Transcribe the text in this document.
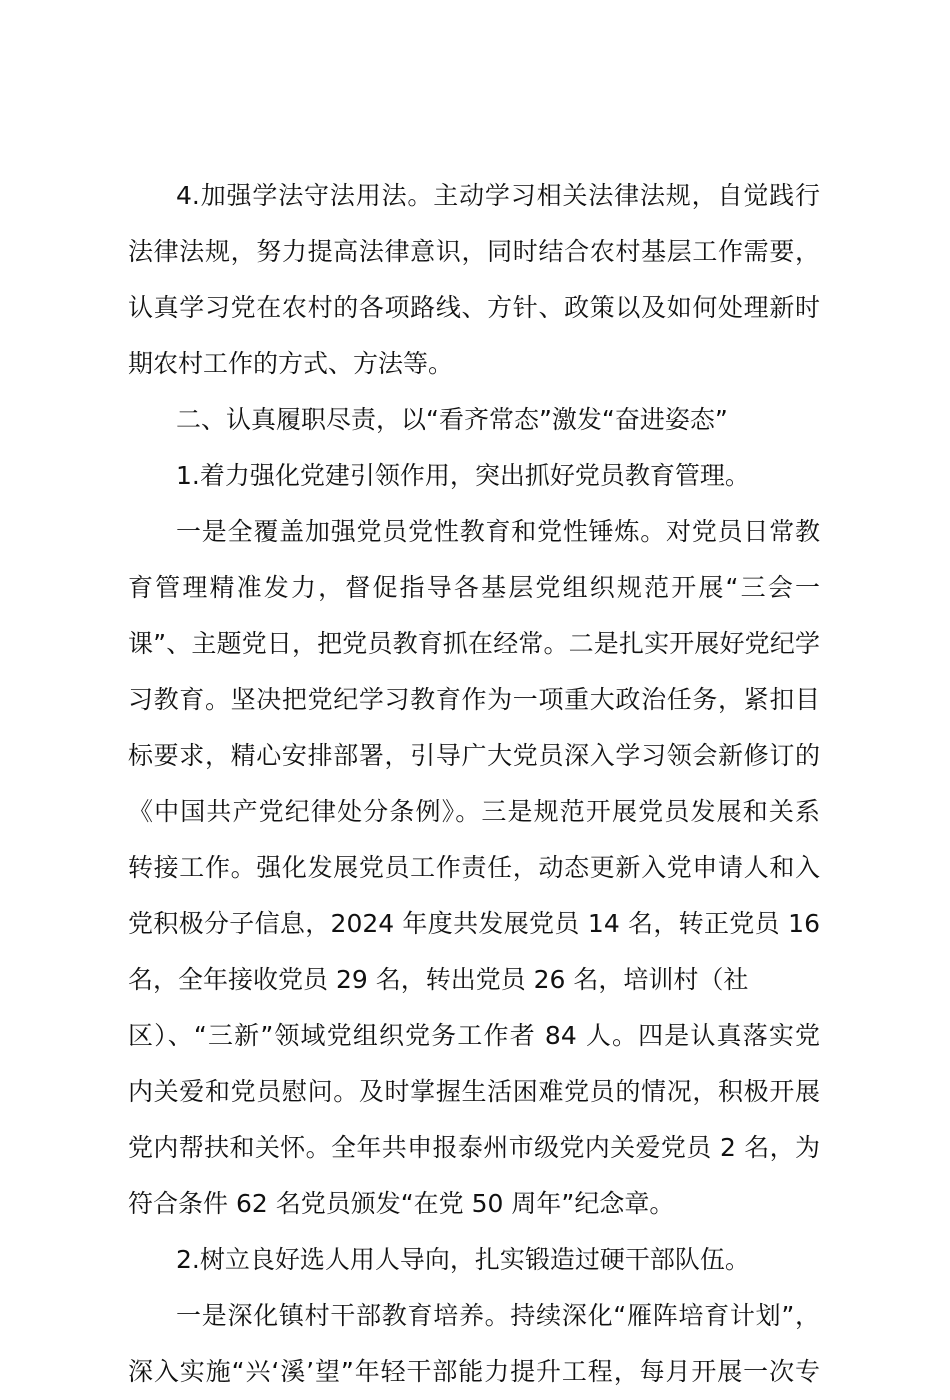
4.加强学法守法用法。主动学习相关法律法规，自觉践行
法律法规，努力提高法律意识，同时结合农村基层工作需要，
认真学习党在农村的各项路线、方针、政策以及如何处理新时
期农村工作的方式、方法等。
二、认真履职尽责，以“看齐常态”激发“奋进姿态”
1.着力强化党建引领作用，突出抓好党员教育管理。
一是全覆盖加强党员党性教育和党性锤炼。对党员日常教
育管理精准发力，督促指导各基层党组织规范开展“三会一
课”、主题党日，把党员教育抓在经常。二是扎实开展好党纪学
习教育。坚决把党纪学习教育作为一项重大政治任务，紧扣目
标要求，精心安排部署，引导广大党员深入学习领会新修订的
《中国共产党纪律处分条例》。三是规范开展党员发展和关系
转接工作。强化发展党员工作责任，动态更新入党申请人和入
党积极分子信息，2024 年度共发展党员 14 名，转正党员 16
名，全年接收党员 29 名，转出党员 26 名，培训村（社
区）、“三新”领域党组织党务工作者 84 人。四是认真落实党
内关爱和党员慰问。及时掌握生活困难党员的情况，积极开展
党内帮扶和关怀。全年共申报泰州市级党内关爱党员 2 名，为
符合条件 62 名党员颁发“在党 50 周年”纪念章。
2.树立良好选人用人导向，扎实锻造过硬干部队伍。
一是深化镇村干部教育培养。持续深化“雁阵培育计划”，
深入实施“兴‘溪’望”年轻干部能力提升工程，每月开展一次专
